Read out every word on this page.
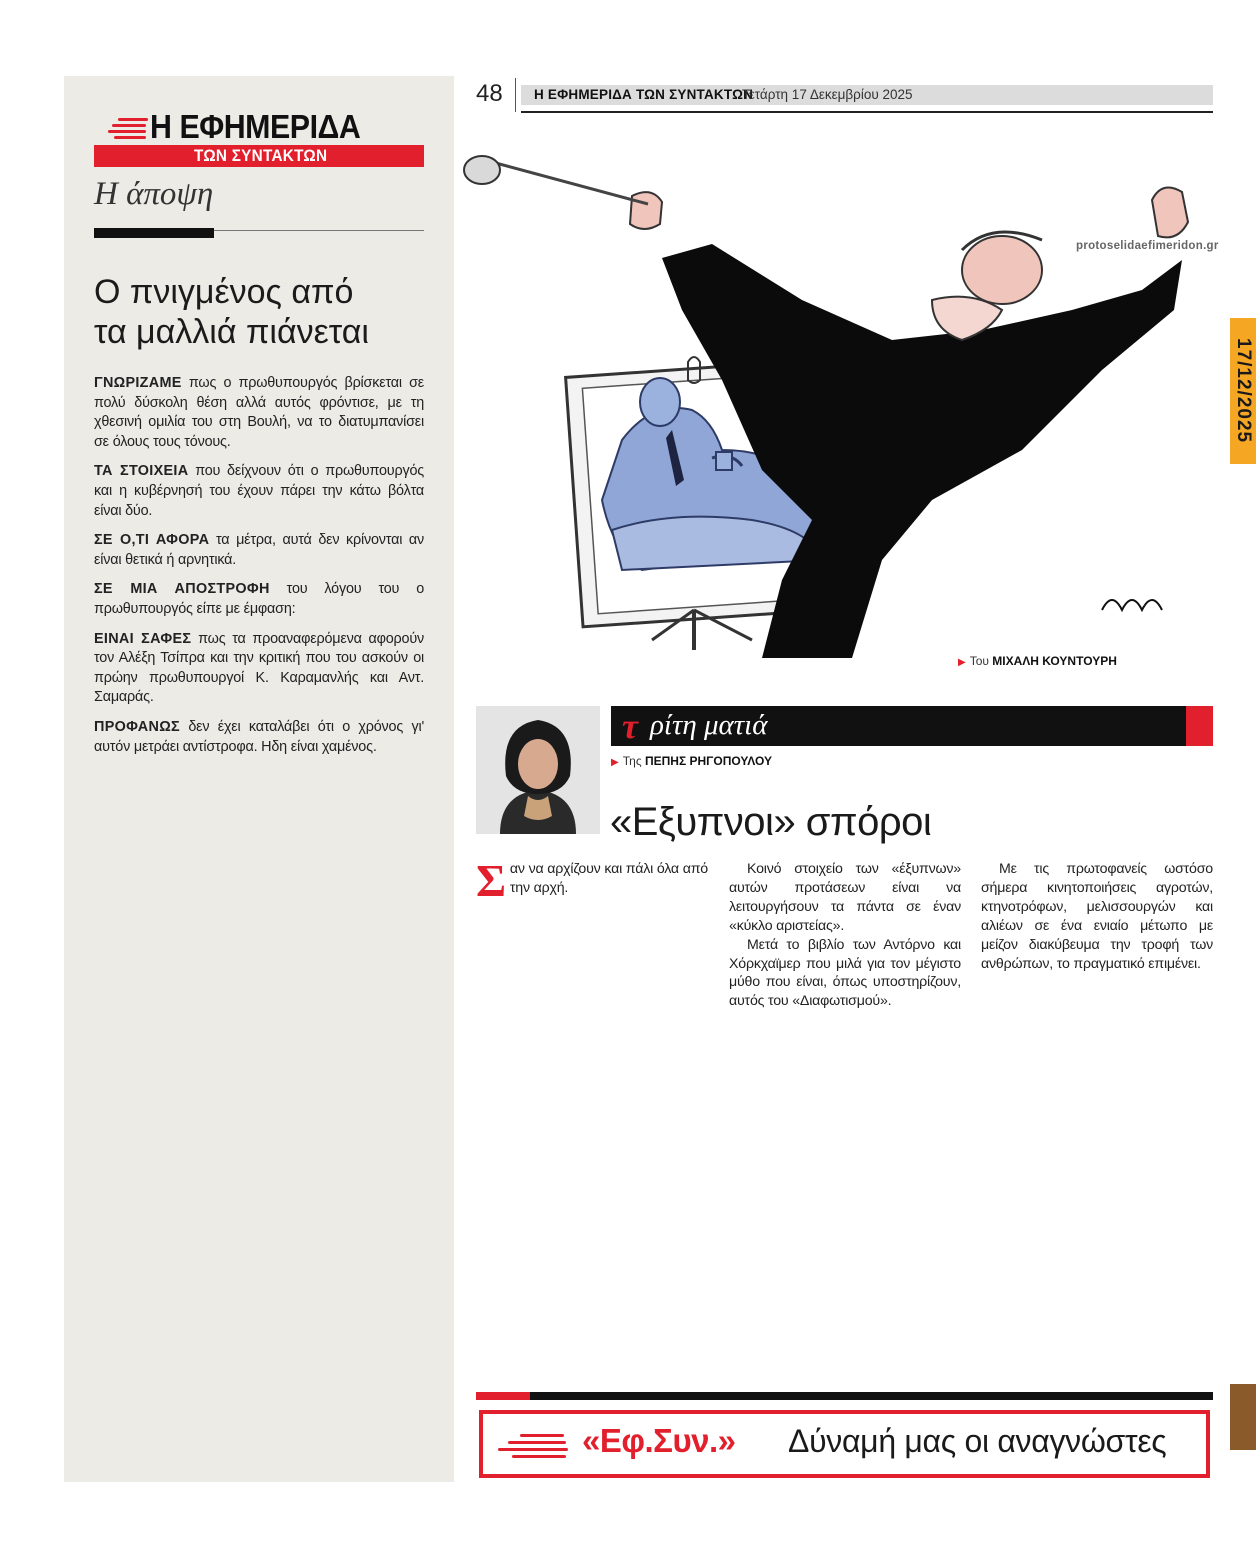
Η ΕΦΗΜΕΡΙΔΑ
ΤΩΝ ΣΥΝΤΑΚΤΩΝ
Η άποψη
Ο πνιγμένος από
τα μαλλιά πιάνεται

ΓΝΩΡΙΖΑΜΕ πως ο πρωθυπουργός βρίσκεται σε πολύ δύσκολη θέση αλλά αυτός φρόντισε, με τη χθεσινή ομιλία του στη Βουλή, να το διατυμπανίσει σε όλους τους τόνους.

ΤΑ ΣΤΟΙΧΕΙΑ που δείχνουν ότι ο πρωθυπουργός και η κυβέρνησή του έχουν πάρει την κάτω βόλτα είναι δύο.

ΣΕ Ο,ΤΙ ΑΦΟΡΑ τα μέτρα, αυτά δεν κρίνονται αν είναι θετικά ή αρνητικά.

ΣΕ ΜΙΑ ΑΠΟΣΤΡΟΦΗ του λόγου του ο πρωθυπουργός είπε με έμφαση:

ΕΙΝΑΙ ΣΑΦΕΣ πως τα προαναφερόμενα αφορούν τον Αλέξη Τσίπρα και την κριτική που του ασκούν οι πρώην πρωθυπουργοί Κ. Καραμανλής και Αντ. Σαμαράς.

ΠΡΟΦΑΝΩΣ δεν έχει καταλάβει ότι ο χρόνος γι' αυτόν μετράει αντίστροφα. Ηδη είναι χαμένος.

48 Η ΕΦΗΜΕΡΙΔΑ ΤΩΝ ΣΥΝΤΑΚΤΩΝ
Τετάρτη 17 Δεκεμβρίου 2025
protoselidaefimeridon.gr
▶ Του ΜΙΧΑΛΗ ΚΟΥΝΤΟΥΡΗ
17/12/2025
τ ρίτη ματιά
▶ Της ΠΕΠΗΣ ΡΗΓΟΠΟΥΛΟΥ
«Εξυπνοι» σπόροι

Σαν να αρχίζουν και πάλι όλα από την αρχή.

Κοινό στοιχείο των «έξυπνων» αυτών προτάσεων είναι να λειτουργήσουν τα πάντα σε έναν «κύκλο αριστείας».

Μετά το βιβλίο των Αντόρνο και Χόρκχαϊμερ που μιλά για τον μέγιστο μύθο που είναι, όπως υποστηρίζουν, αυτός του «Διαφωτισμού».

Με τις πρωτοφανείς ωστόσο σήμερα κινητοποιήσεις αγροτών, κτηνοτρόφων, μελισσουργών και αλιέων σε ένα ενιαίο μέτωπο με μείζον διακύβευμα την τροφή των ανθρώπων, το πραγματικό επιμένει.

«Εφ.Συν.» Δύναμή μας οι αναγνώστες
